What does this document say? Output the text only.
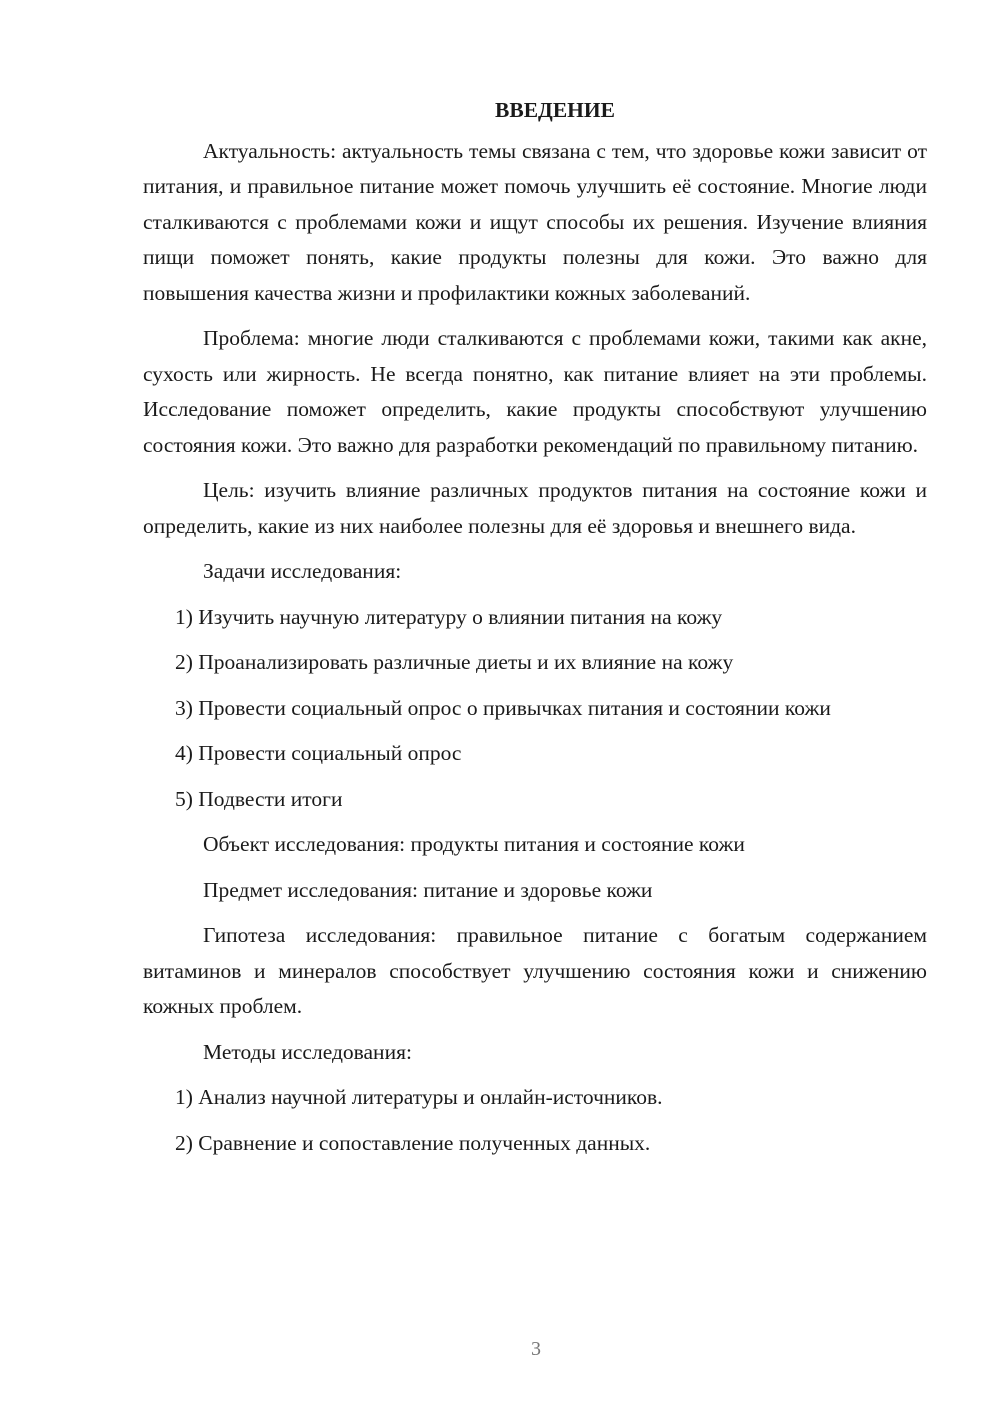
ВВЕДЕНИЕ

Актуальность: актуальность темы связана с тем, что здоровье кожи зависит от питания, и правильное питание может помочь улучшить её состояние. Многие люди сталкиваются с проблемами кожи и ищут способы их решения. Изучение влияния пищи поможет понять, какие продукты полезны для кожи. Это важно для повышения качества жизни и профилактики кожных заболеваний.

Проблема: многие люди сталкиваются с проблемами кожи, такими как акне, сухость или жирность. Не всегда понятно, как питание влияет на эти проблемы. Исследование поможет определить, какие продукты способствуют улучшению состояния кожи. Это важно для разработки рекомендаций по правильному питанию.

Цель: изучить влияние различных продуктов питания на состояние кожи и определить, какие из них наиболее полезны для её здоровья и внешнего вида.

Задачи исследования:

1) Изучить научную литературу о влиянии питания на кожу

2) Проанализировать различные диеты и их влияние на кожу

3) Провести социальный опрос о привычках питания и состоянии кожи

4) Провести социальный опрос

5) Подвести итоги

Объект исследования: продукты питания и состояние кожи

Предмет исследования: питание и здоровье кожи

Гипотеза исследования: правильное питание с богатым содержанием витаминов и минералов способствует улучшению состояния кожи и снижению кожных проблем.

Методы исследования:

1) Анализ научной литературы и онлайн-источников.

2) Сравнение и сопоставление полученных данных.

3
